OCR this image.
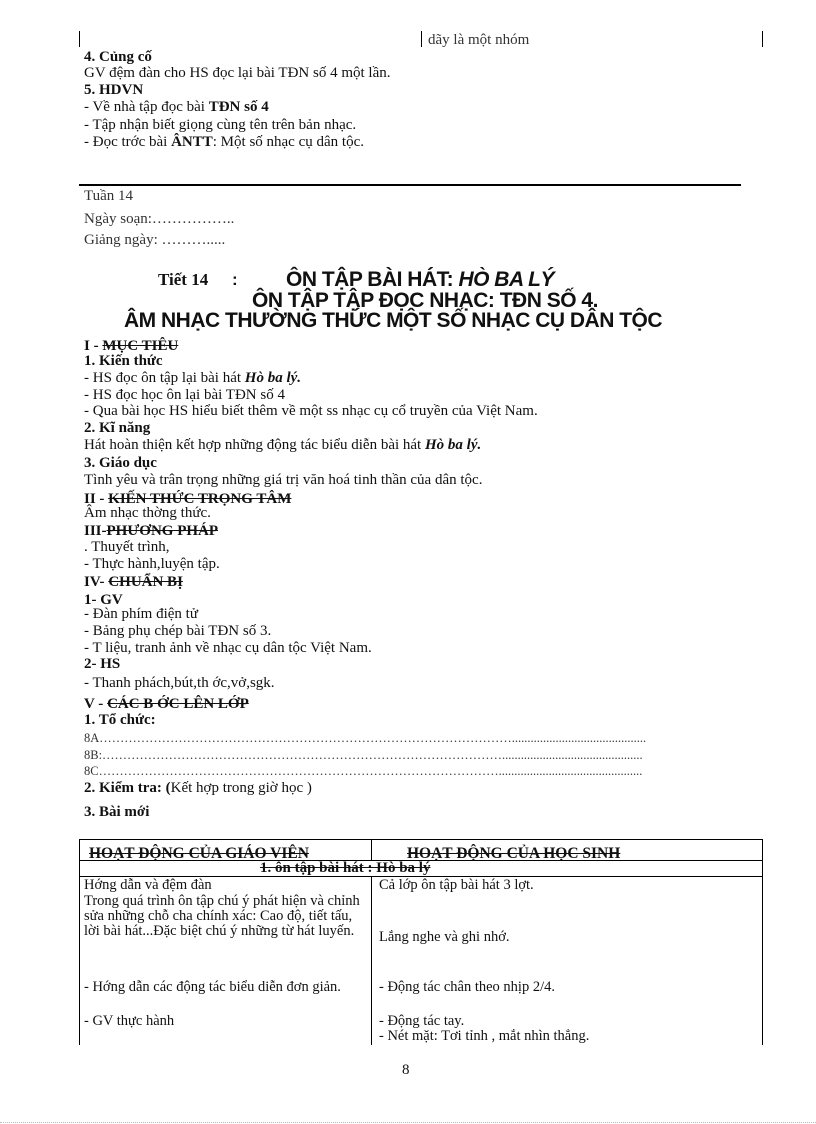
dãy là một nhóm
4. Củng cố
GV đệm đàn cho HS đọc lại bài TĐN số 4 một lần.
5. HDVN
- Về nhà tập đọc bài TĐN số 4
- Tập nhận biết giọng cùng tên trên bản nhạc.
- Đọc trớc bài ÂNTT: Một số nhạc cụ dân tộc.
Tuần 14
Ngày soạn:……………..
Giảng ngày: ……….....
Tiết 14 : ÔN TẬP BÀI HÁT: HÒ BA LÝ
ÔN TẬP TẬP ĐỌC NHẠC: TĐN SỐ 4.
ÂM NHẠC THƯỜNG THỨC MỘT SỐ NHẠC CỤ DÂN TỘC
I - MỤC TIÊU
1. Kiến thức
- HS đọc ôn tập lại bài hát Hò ba lý.
- HS đọc học ôn lại bài TĐN số 4
- Qua bài học HS hiểu biết thêm về một ss nhạc cụ cổ truyền của Việt Nam.
2. Kĩ năng
Hát hoàn thiện kết hợp những động tác biểu diễn bài hát Hò ba lý.
3. Giáo dục
Tình yêu và trân trọng những giá trị văn hoá tinh thần của dân tộc.
II - KIẾN THỨC TRỌNG TÂM
Âm nhạc thờng thức.
III-PHƯƠNG PHÁP
. Thuyết trình,
- Thực hành,luyện tập.
IV- CHUẨN BỊ
1- GV
- Đàn phím điện tử
- Bảng phụ chép bài TĐN số 3.
- T liệu, tranh ảnh về nhạc cụ dân tộc Việt Nam.
2- HS
- Thanh phách,bút,th ớc,vở,sgk.
V - CÁC B ỚC LÊN LỚP
1. Tổ chức:
8A………………………………………………………………………………………...........................................
8B:…………………………………………………………………………………….............................................
8C……………………………………………………………………………………..............................................
2. Kiểm tra: (Kết hợp trong giờ học )
3. Bài mới
HOẠT ĐỘNG CỦA GIÁO VIÊN	HOẠT ĐỘNG CỦA HỌC SINH
1. ôn tập bài hát : Hò ba lý
Hớng dẫn và đệm đàn
Trong quá trình ôn tập chú ý phát hiện và chỉnh sửa những chỗ cha chính xác: Cao độ, tiết tấu, lời bài hát...Đặc biệt chú ý những từ hát luyến.
- Hớng dẫn các động tác biểu diễn đơn giản.
- GV thực hành
Cả lớp ôn tập bài hát 3 lợt.
Lắng nghe và ghi nhớ.
- Động tác chân theo nhịp 2/4.
- Động tác tay.
- Nét mặt: Tơi tỉnh , mắt nhìn thẳng.
8
